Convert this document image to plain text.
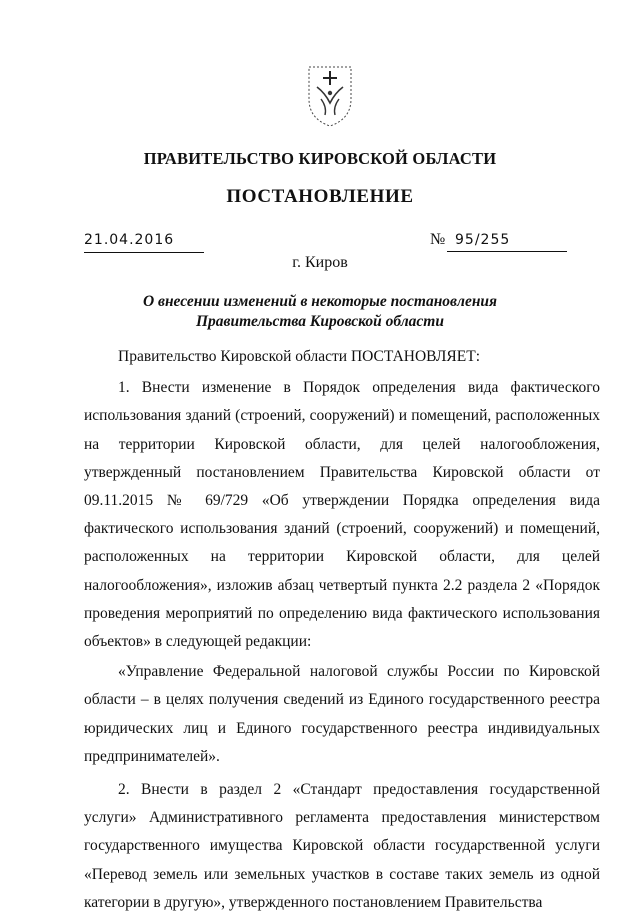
ПРАВИТЕЛЬСТВО КИРОВСКОЙ ОБЛАСТИ
ПОСТАНОВЛЕНИЕ
21.04.2016	№ 95/255
г. Киров
О внесении изменений в некоторые постановления
Правительства Кировской области

Правительство Кировской области ПОСТАНОВЛЯЕТ:

1. Внести изменение в Порядок определения вида фактического использования зданий (строений, сооружений) и помещений, расположенных на территории Кировской области, для целей налогообложения, утвержденный постановлением Правительства Кировской области от 09.11.2015 № 69/729 «Об утверждении Порядка определения вида фактического использования зданий (строений, сооружений) и помещений, расположенных на территории Кировской области, для целей налогообложения», изложив абзац четвертый пункта 2.2 раздела 2 «Порядок проведения мероприятий по определению вида фактического использования объектов» в следующей редакции:

«Управление Федеральной налоговой службы России по Кировской области – в целях получения сведений из Единого государственного реестра юридических лиц и Единого государственного реестра индивидуальных предпринимателей».

2. Внести в раздел 2 «Стандарт предоставления государственной услуги» Административного регламента предоставления министерством государственного имущества Кировской области государственной услуги «Перевод земель или земельных участков в составе таких земель из одной категории в другую», утвержденного постановлением Правительства
